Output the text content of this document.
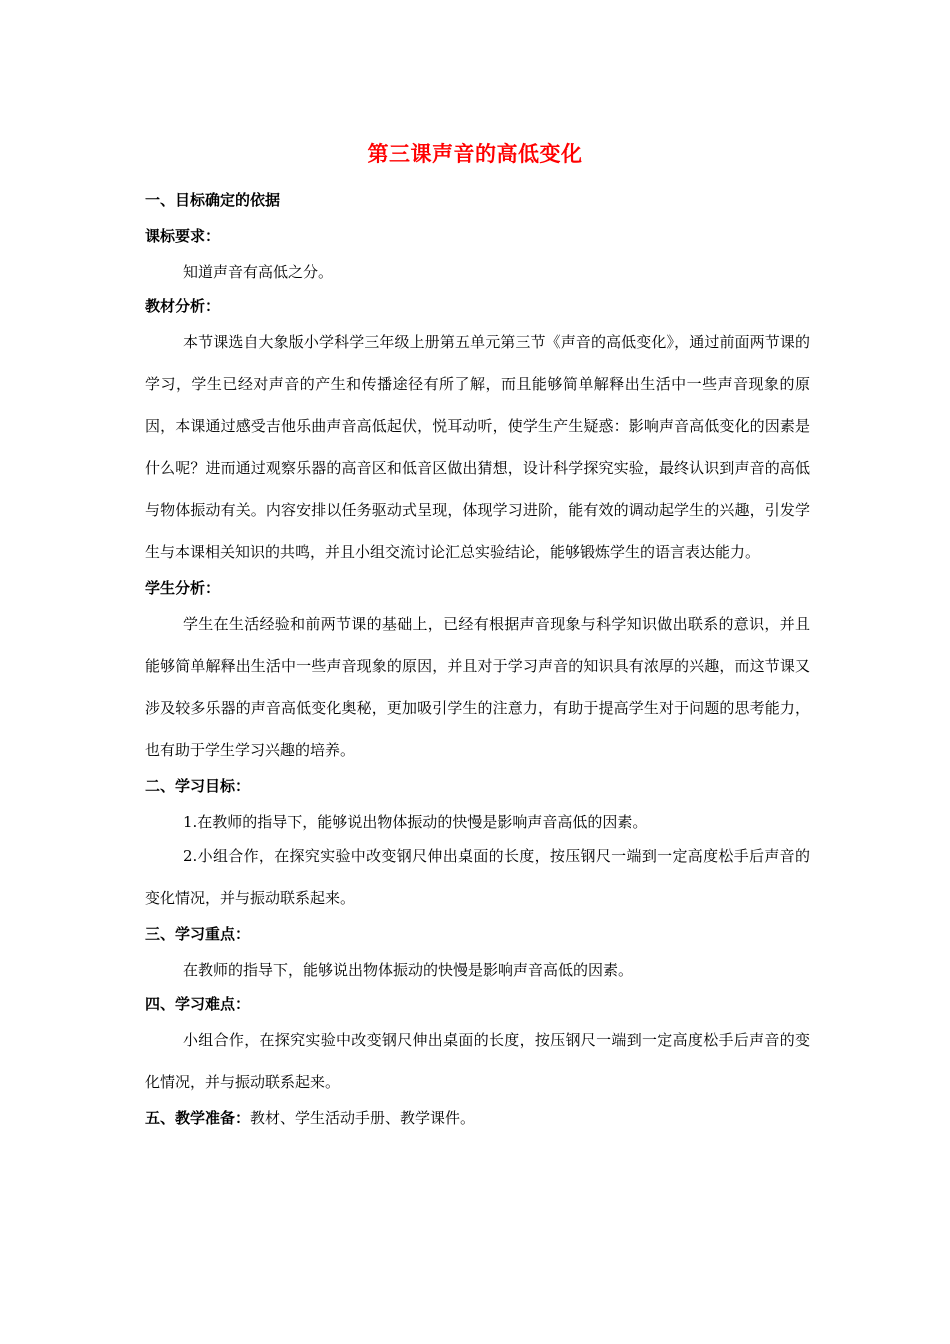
第三课声音的高低变化
一、目标确定的依据
课标要求：
知道声音有高低之分。
教材分析：
本节课选自大象版小学科学三年级上册第五单元第三节《声音的高低变化》，通过前面两节课的学习，学生已经对声音的产生和传播途径有所了解，而且能够简单解释出生活中一些声音现象的原因，本课通过感受吉他乐曲声音高低起伏，悦耳动听，使学生产生疑惑：影响声音高低变化的因素是什么呢？进而通过观察乐器的高音区和低音区做出猜想，设计科学探究实验，最终认识到声音的高低与物体振动有关。内容安排以任务驱动式呈现，体现学习进阶，能有效的调动起学生的兴趣，引发学生与本课相关知识的共鸣，并且小组交流讨论汇总实验结论，能够锻炼学生的语言表达能力。
学生分析：
学生在生活经验和前两节课的基础上，已经有根据声音现象与科学知识做出联系的意识，并且能够简单解释出生活中一些声音现象的原因，并且对于学习声音的知识具有浓厚的兴趣，而这节课又涉及较多乐器的声音高低变化奥秘，更加吸引学生的注意力，有助于提高学生对于问题的思考能力，也有助于学生学习兴趣的培养。
二、学习目标：
1.在教师的指导下，能够说出物体振动的快慢是影响声音高低的因素。
2.小组合作，在探究实验中改变钢尺伸出桌面的长度，按压钢尺一端到一定高度松手后声音的变化情况，并与振动联系起来。
三、学习重点：
在教师的指导下，能够说出物体振动的快慢是影响声音高低的因素。
四、学习难点：
小组合作，在探究实验中改变钢尺伸出桌面的长度，按压钢尺一端到一定高度松手后声音的变化情况，并与振动联系起来。
五、教学准备：教材、学生活动手册、教学课件。
